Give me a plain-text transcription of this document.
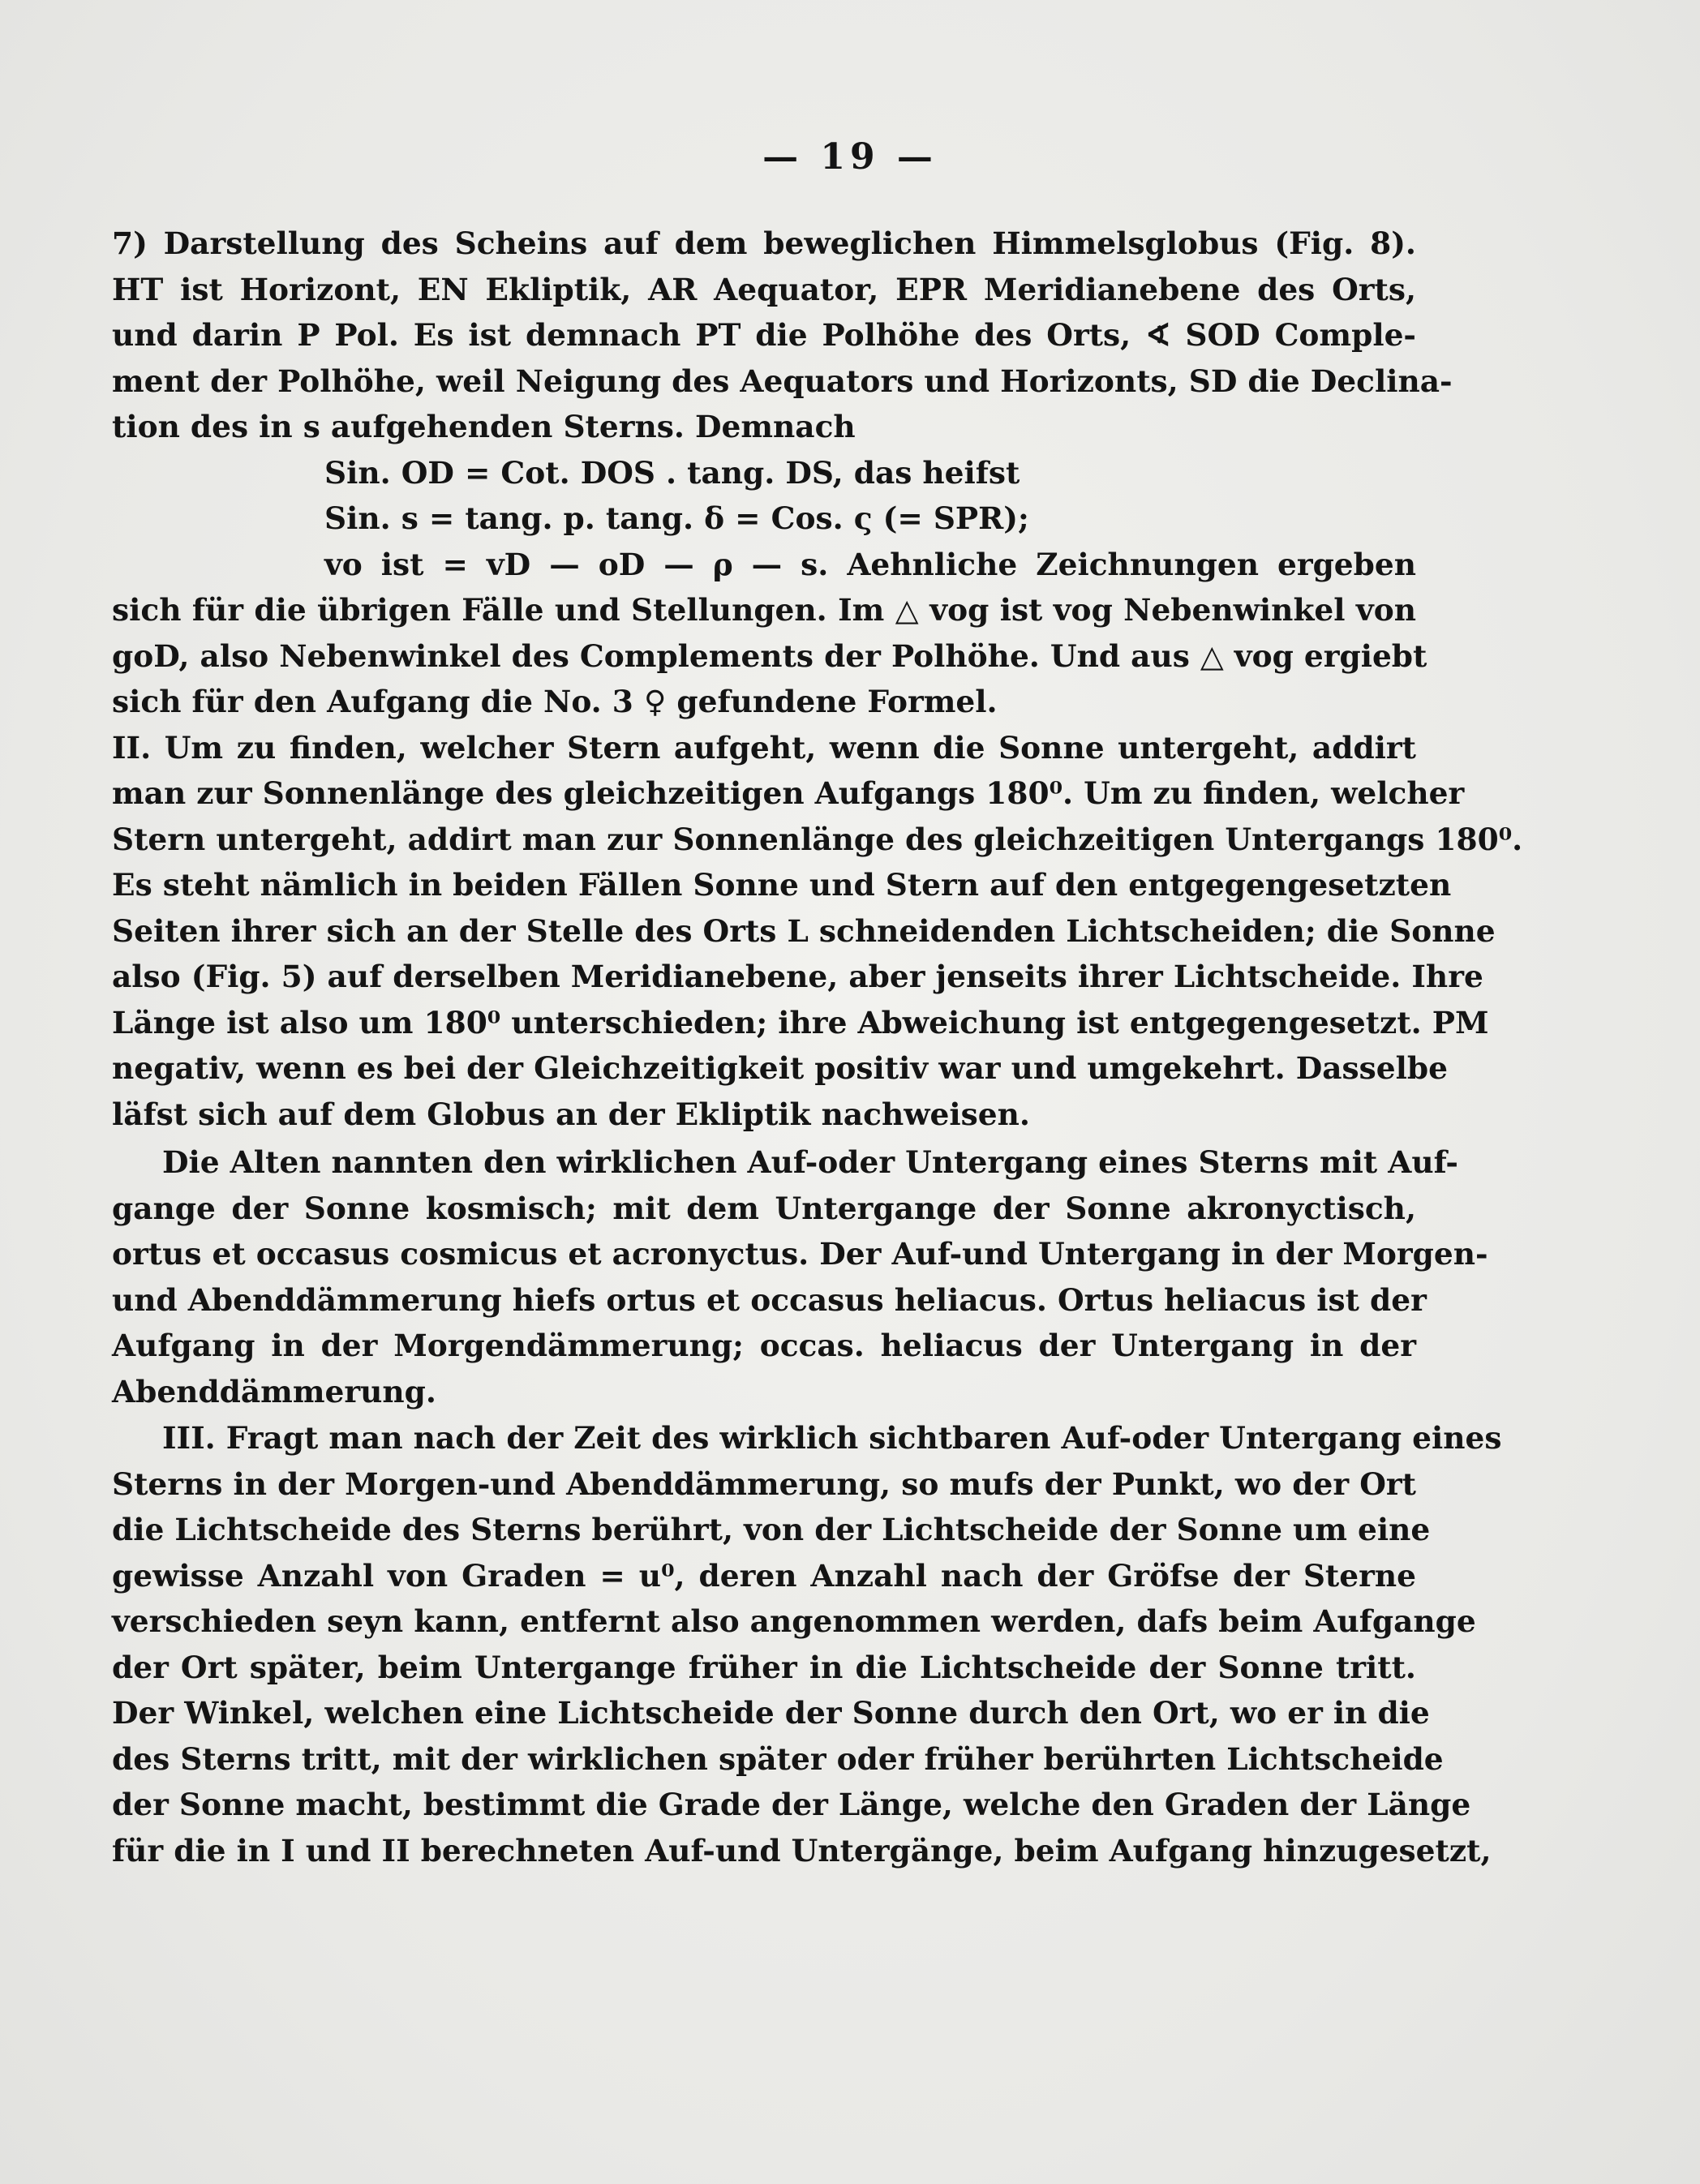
— 19 —
7) Darstellung des Scheins auf dem beweglichen Himmelsglobus (Fig. 8).
HT ist Horizont, EN Ekliptik, AR Aequator, EPR Meridianebene des Orts,
und darin P Pol. Es ist demnach PT die Polhöhe des Orts, ∢ SOD Comple-
ment der Polhöhe, weil Neigung des Aequators und Horizonts, SD die Declina-
tion des in s aufgehenden Sterns. Demnach
Sin. OD = Cot. DOS . tang. DS, das heifst
Sin. s = tang. p. tang. δ = Cos. ς (= SPR);
vo ist = vD — oD — ρ — s. Aehnliche Zeichnungen ergeben
sich für die übrigen Fälle und Stellungen. Im △ vog ist vog Nebenwinkel von
goD, also Nebenwinkel des Complements der Polhöhe. Und aus △ vog ergiebt
sich für den Aufgang die No. 3 ♀ gefundene Formel.
II. Um zu finden, welcher Stern aufgeht, wenn die Sonne untergeht, addirt
man zur Sonnenlänge des gleichzeitigen Aufgangs 180⁰. Um zu finden, welcher
Stern untergeht, addirt man zur Sonnenlänge des gleichzeitigen Untergangs 180⁰.
Es steht nämlich in beiden Fällen Sonne und Stern auf den entgegengesetzten
Seiten ihrer sich an der Stelle des Orts L schneidenden Lichtscheiden; die Sonne
also (Fig. 5) auf derselben Meridianebene, aber jenseits ihrer Lichtscheide. Ihre
Länge ist also um 180⁰ unterschieden; ihre Abweichung ist entgegengesetzt. PM
negativ, wenn es bei der Gleichzeitigkeit positiv war und umgekehrt. Dasselbe
läfst sich auf dem Globus an der Ekliptik nachweisen.
Die Alten nannten den wirklichen Auf-oder Untergang eines Sterns mit Auf-
gange der Sonne kosmisch; mit dem Untergange der Sonne akronyctisch,
ortus et occasus cosmicus et acronyctus. Der Auf-und Untergang in der Morgen-
und Abenddämmerung hiefs ortus et occasus heliacus. Ortus heliacus ist der
Aufgang in der Morgendämmerung; occas. heliacus der Untergang in der
Abenddämmerung.
III. Fragt man nach der Zeit des wirklich sichtbaren Auf-oder Untergang eines
Sterns in der Morgen-und Abenddämmerung, so mufs der Punkt, wo der Ort
die Lichtscheide des Sterns berührt, von der Lichtscheide der Sonne um eine
gewisse Anzahl von Graden = u⁰, deren Anzahl nach der Gröfse der Sterne
verschieden seyn kann, entfernt also angenommen werden, dafs beim Aufgange
der Ort später, beim Untergange früher in die Lichtscheide der Sonne tritt.
Der Winkel, welchen eine Lichtscheide der Sonne durch den Ort, wo er in die
des Sterns tritt, mit der wirklichen später oder früher berührten Lichtscheide
der Sonne macht, bestimmt die Grade der Länge, welche den Graden der Länge
für die in I und II berechneten Auf-und Untergänge, beim Aufgang hinzugesetzt,
